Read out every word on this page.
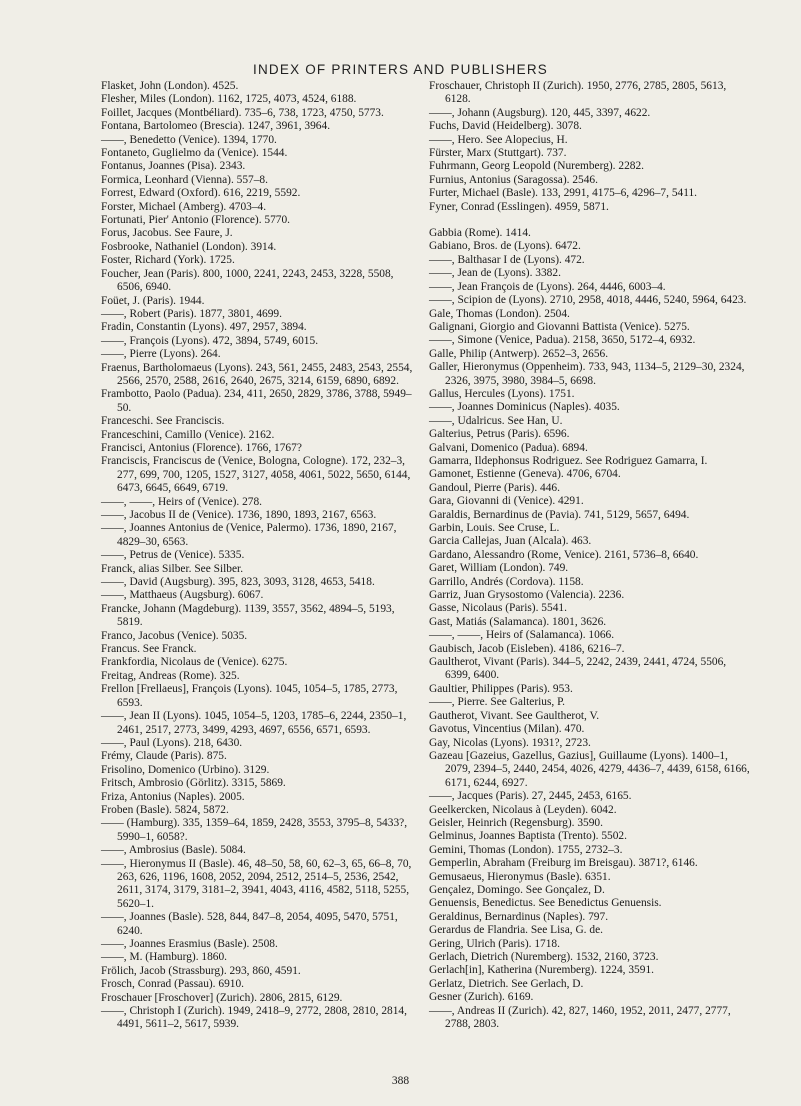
INDEX OF PRINTERS AND PUBLISHERS
Flasket, John (London). 4525.
Flesher, Miles (London). 1162, 1725, 4073, 4524, 6188.
Foillet, Jacques (Montbéliard). 735–6, 738, 1723, 4750, 5773.
Fontana, Bartolomeo (Brescia). 1247, 3961, 3964.
——, Benedetto (Venice). 1394, 1770.
Fontaneto, Guglielmo da (Venice). 1544.
Fontanus, Joannes (Pisa). 2343.
Formica, Leonhard (Vienna). 557–8.
Forrest, Edward (Oxford). 616, 2219, 5592.
Forster, Michael (Amberg). 4703–4.
Fortunati, Pier' Antonio (Florence). 5770.
Forus, Jacobus. See Faure, J.
Fosbrooke, Nathaniel (London). 3914.
Foster, Richard (York). 1725.
Foucher, Jean (Paris). 800, 1000, 2241, 2243, 2453, 3228, 5508, 6506, 6940.
Foüet, J. (Paris). 1944.
——, Robert (Paris). 1877, 3801, 4699.
Fradin, Constantin (Lyons). 497, 2957, 3894.
——, François (Lyons). 472, 3894, 5749, 6015.
——, Pierre (Lyons). 264.
Fraenus, Bartholomaeus (Lyons). 243, 561, 2455, 2483, 2543, 2554, 2566, 2570, 2588, 2616, 2640, 2675, 3214, 6159, 6890, 6892.
Frambotto, Paolo (Padua). 234, 411, 2650, 2829, 3786, 3788, 5949–50.
Franceschi. See Franciscis.
Franceschini, Camillo (Venice). 2162.
Francisci, Antonius (Florence). 1766, 1767?
Franciscis, Franciscus de (Venice, Bologna, Cologne). 172, 232–3, 277, 699, 700, 1205, 1527, 3127, 4058, 4061, 5022, 5650, 6144, 6473, 6645, 6649, 6719.
——, ——, Heirs of (Venice). 278.
——, Jacobus II de (Venice). 1736, 1890, 1893, 2167, 6563.
——, Joannes Antonius de (Venice, Palermo). 1736, 1890, 2167, 4829–30, 6563.
——, Petrus de (Venice). 5335.
Franck, alias Silber. See Silber.
——, David (Augsburg). 395, 823, 3093, 3128, 4653, 5418.
——, Matthaeus (Augsburg). 6067.
Francke, Johann (Magdeburg). 1139, 3557, 3562, 4894–5, 5193, 5819.
Franco, Jacobus (Venice). 5035.
Francus. See Franck.
Frankfordia, Nicolaus de (Venice). 6275.
Freitag, Andreas (Rome). 325.
Frellon [Frellaeus], François (Lyons). 1045, 1054–5, 1785, 2773, 6593.
——, Jean II (Lyons). 1045, 1054–5, 1203, 1785–6, 2244, 2350–1, 2461, 2517, 2773, 3499, 4293, 4697, 6556, 6571, 6593.
——, Paul (Lyons). 218, 6430.
Frémy, Claude (Paris). 875.
Frisolino, Domenico (Urbino). 3129.
Fritsch, Ambrosio (Görlitz). 3315, 5869.
Friza, Antonius (Naples). 2005.
Froben (Basle). 5824, 5872.
—— (Hamburg). 335, 1359–64, 1859, 2428, 3553, 3795–8, 5433?, 5990–1, 6058?.
——, Ambrosius (Basle). 5084.
——, Hieronymus II (Basle). 46, 48–50, 58, 60, 62–3, 65, 66–8, 70, 263, 626, 1196, 1608, 2052, 2094, 2512, 2514–5, 2536, 2542, 2611, 3174, 3179, 3181–2, 3941, 4043, 4116, 4582, 5118, 5255, 5620–1.
——, Joannes (Basle). 528, 844, 847–8, 2054, 4095, 5470, 5751, 6240.
——, Joannes Erasmius (Basle). 2508.
——, M. (Hamburg). 1860.
Frölich, Jacob (Strassburg). 293, 860, 4591.
Frosch, Conrad (Passau). 6910.
Froschauer [Froschover] (Zurich). 2806, 2815, 6129.
——, Christoph I (Zurich). 1949, 2418–9, 2772, 2808, 2810, 2814, 4491, 5611–2, 5617, 5939.
Froschauer, Christoph II (Zurich). 1950, 2776, 2785, 2805, 5613, 6128.
——, Johann (Augsburg). 120, 445, 3397, 4622.
Fuchs, David (Heidelberg). 3078.
——, Hero. See Alopecius, H.
Fürster, Marx (Stuttgart). 737.
Fuhrmann, Georg Leopold (Nuremberg). 2282.
Furnius, Antonius (Saragossa). 2546.
Furter, Michael (Basle). 133, 2991, 4175–6, 4296–7, 5411.
Fyner, Conrad (Esslingen). 4959, 5871.
Gabbia (Rome). 1414.
Gabiano, Bros. de (Lyons). 6472.
——, Balthasar I de (Lyons). 472.
——, Jean de (Lyons). 3382.
——, Jean François de (Lyons). 264, 4446, 6003–4.
——, Scipion de (Lyons). 2710, 2958, 4018, 4446, 5240, 5964, 6423.
Gale, Thomas (London). 2504.
Galignani, Giorgio and Giovanni Battista (Venice). 5275.
——, Simone (Venice, Padua). 2158, 3650, 5172–4, 6932.
Galle, Philip (Antwerp). 2652–3, 2656.
Galler, Hieronymus (Oppenheim). 733, 943, 1134–5, 2129–30, 2324, 2326, 3975, 3980, 3984–5, 6698.
Gallus, Hercules (Lyons). 1751.
——, Joannes Dominicus (Naples). 4035.
——, Udalricus. See Han, U.
Galterius, Petrus (Paris). 6596.
Galvani, Domenico (Padua). 6894.
Gamarra, Ildephonsus Rodriguez. See Rodriguez Gamarra, I.
Gamonet, Estienne (Geneva). 4706, 6704.
Gandoul, Pierre (Paris). 446.
Gara, Giovanni di (Venice). 4291.
Garaldis, Bernardinus de (Pavia). 741, 5129, 5657, 6494.
Garbin, Louis. See Cruse, L.
Garcia Callejas, Juan (Alcala). 463.
Gardano, Alessandro (Rome, Venice). 2161, 5736–8, 6640.
Garet, William (London). 749.
Garrillo, Andrés (Cordova). 1158.
Garriz, Juan Grysostomo (Valencia). 2236.
Gasse, Nicolaus (Paris). 5541.
Gast, Matiás (Salamanca). 1801, 3626.
——, ——, Heirs of (Salamanca). 1066.
Gaubisch, Jacob (Eisleben). 4186, 6216–7.
Gaultherot, Vivant (Paris). 344–5, 2242, 2439, 2441, 4724, 5506, 6399, 6400.
Gaultier, Philippes (Paris). 953.
——, Pierre. See Galterius, P.
Gautherot, Vivant. See Gaultherot, V.
Gavotus, Vincentius (Milan). 470.
Gay, Nicolas (Lyons). 1931?, 2723.
Gazeau [Gazeius, Gazellus, Gazius], Guillaume (Lyons). 1400–1, 2079, 2394–5, 2440, 2454, 4026, 4279, 4436–7, 4439, 6158, 6166, 6171, 6244, 6927.
——, Jacques (Paris). 27, 2445, 2453, 6165.
Geelkercken, Nicolaus à (Leyden). 6042.
Geisler, Heinrich (Regensburg). 3590.
Gelminus, Joannes Baptista (Trento). 5502.
Gemini, Thomas (London). 1755, 2732–3.
Gemperlin, Abraham (Freiburg im Breisgau). 3871?, 6146.
Gemusaeus, Hieronymus (Basle). 6351.
Gençalez, Domingo. See Gonçalez, D.
Genuensis, Benedictus. See Benedictus Genuensis.
Geraldinus, Bernardinus (Naples). 797.
Gerardus de Flandria. See Lisa, G. de.
Gering, Ulrich (Paris). 1718.
Gerlach, Dietrich (Nuremberg). 1532, 2160, 3723.
Gerlach[in], Katherina (Nuremberg). 1224, 3591.
Gerlatz, Dietrich. See Gerlach, D.
Gesner (Zurich). 6169.
——, Andreas II (Zurich). 42, 827, 1460, 1952, 2011, 2477, 2777, 2788, 2803.
388
